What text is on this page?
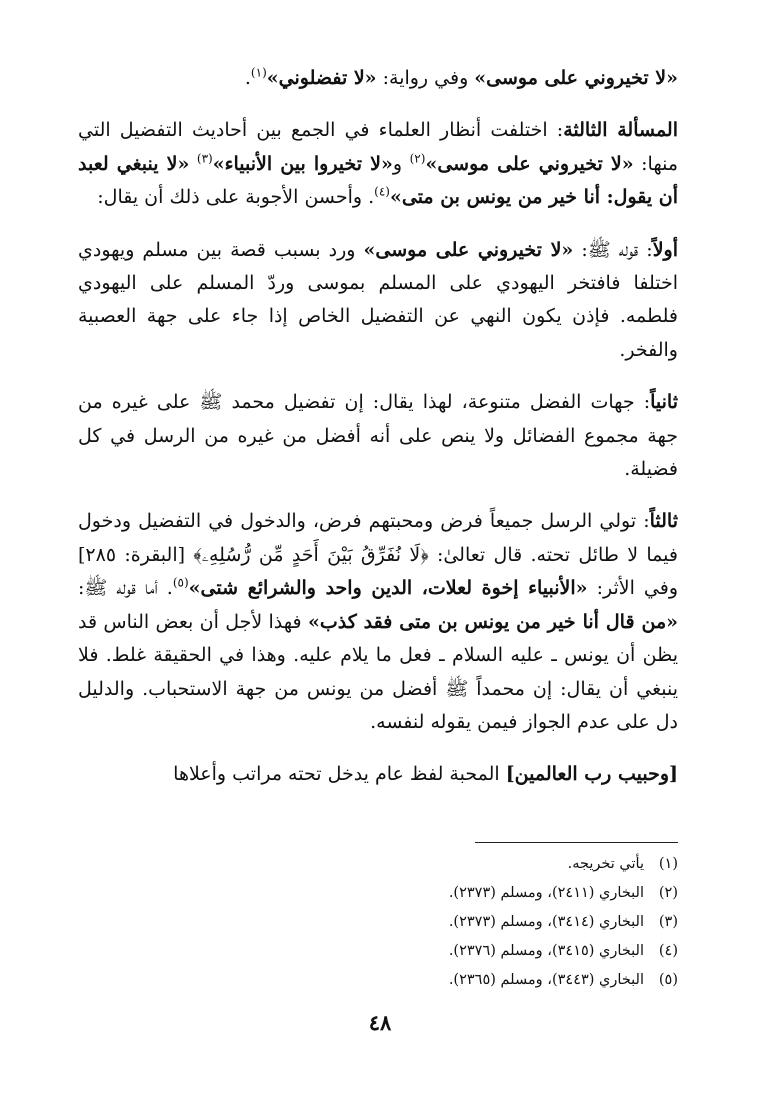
«لا تخيروني على موسى» وفي رواية: «لا تفضلوني»$^{(١)}$.

المسألة الثالثة: اختلفت أنظار العلماء في الجمع بين أحاديث التفضيل التي منها: «لا تخيروني على موسى»$^{(٢)}$ و«لا تخيروا بين الأنبياء»$^{(٣)}$ «لا ينبغي لعبد أن يقول: أنا خير من يونس بن متى»$^{(٤)}$. وأحسن الأجوبة على ذلك أن يقال:

أولاً: قوله ﷺ: «لا تخيروني على موسى» ورد بسبب قصة بين مسلم ويهودي اختلفا فافتخر اليهودي على المسلم بموسى وردّ المسلم على اليهودي فلطمه. فإذن يكون النهي عن التفضيل الخاص إذا جاء على جهة العصبية والفخر.

ثانياً: جهات الفضل متنوعة، لهذا يقال: إن تفضيل محمد ﷺ على غيره من جهة مجموع الفضائل ولا ينص على أنه أفضل من غيره من الرسل في كل فضيلة.

ثالثاً: تولي الرسل جميعاً فرض ومحبتهم فرض، والدخول في التفضيل ودخول فيما لا طائل تحته. قال تعالىٰ: ﴿لَا نُفَرِّقُ بَيْنَ أَحَدٍ مِّن رُّسُلِهِۦ﴾ [البقرة: ٢٨٥] وفي الأثر: «الأنبياء إخوة لعلات، الدين واحد والشرائع شتى»$^{(٥)}$. أما قوله ﷺ: «من قال أنا خير من يونس بن متى فقد كذب» فهذا لأجل أن بعض الناس قد يظن أن يونس ـ عليه السلام ـ فعل ما يلام عليه. وهذا في الحقيقة غلط. فلا ينبغي أن يقال: إن محمداً ﷺ أفضل من يونس من جهة الاستحباب. والدليل دل على عدم الجواز فيمن يقوله لنفسه.

[وحبيب رب العالمين] المحبة لفظ عام يدخل تحته مراتب وأعلاها

(١)يأتي تخريجه.
(٢)البخاري (٢٤١١)، ومسلم (٢٣٧٣).
(٣)البخاري (٣٤١٤)، ومسلم (٢٣٧٣).
(٤)البخاري (٣٤١٥)، ومسلم (٢٣٧٦).
(٥)البخاري (٣٤٤٣)، ومسلم (٢٣٦٥).
٤٨
